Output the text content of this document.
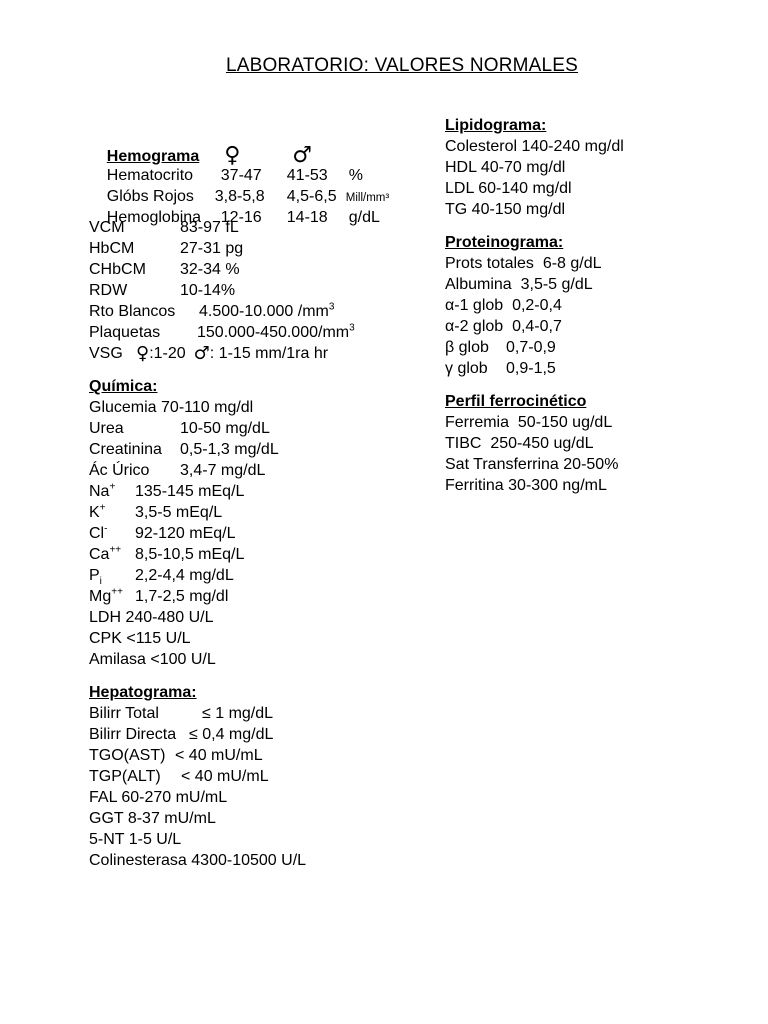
LABORATORIO: VALORES NORMALES

Hemograma ♀ ♂

Hematocrito 37-47 41-53 %

Glóbs Rojos 3,8-5,8 4,5-6,5 Mill/mm³

Hemoglobina 12-16 14-18 g/dL

VCM	83-97 fL
HbCM	27-31 pg
CHbCM 32-34 %
RDW	10-14%
Rto Blancos 4.500-10.000 $/mm^3$
Plaquetas $150.000-450.000/mm^3$
VSG ♀:1-20 ♂: 1-15 mm/1ra hr
Química:
Glucemia 70-110 mg/dl
Urea	10-50 mg/dL
Creatinina 0,5-1,3 mg/dL
Ác Úrico 3,4-7 mg/dL
Na+ 135-145 mEq/L
K+ 3,5-5 mEq/L
Cl- 92-120 mEq/L
Ca++ 8,5-10,5 mEq/L
$P_i$ 2,2-4,4 mg/dL
Mg++ 1,7-2,5 mg/dl
LDH 240-480 U/L
CPK <115 U/L
Amilasa <100 U/L
Hepatograma:
Bilirr Total	≤ 1 mg/dL
Bilirr Directa ≤ 0,4 mg/dL
TGO(AST) < 40 mU/mL
TGP(ALT) < 40 mU/mL
FAL 60-270 mU/mL
GGT 8-37 mU/mL
5-NT 1-5 U/L
Colinesterasa 4300-10500 U/L
Lipidograma:
Colesterol 140-240 mg/dl
HDL 40-70 mg/dl
LDL 60-140 mg/dl
TG 40-150 mg/dl
Proteinograma:
Prots totales 6-8 g/dL
Albumina 3,5-5 g/dL
α-1 glob 0,2-0,4
α-2 glob 0,4-0,7
β glob 0,7-0,9
γ glob 0,9-1,5
Perfil ferrocinético
Ferremia 50-150 ug/dL
TIBC 250-450 ug/dL
Sat Transferrina 20-50%
Ferritina 30-300 ng/mL
